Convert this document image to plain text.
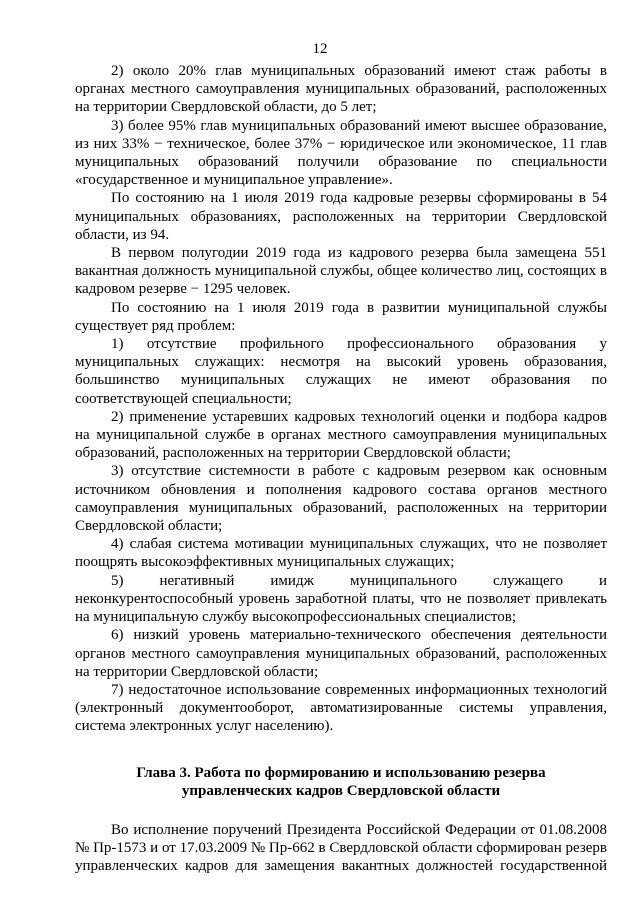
12

2) около 20% глав муниципальных образований имеют стаж работы в органах местного самоуправления муниципальных образований, расположенных на территории Свердловской области, до 5 лет;

3) более 95% глав муниципальных образований имеют высшее образование, из них 33% − техническое, более 37% − юридическое или экономическое, 11 глав муниципальных образований получили образование по специальности «государственное и муниципальное управление».

По состоянию на 1 июля 2019 года кадровые резервы сформированы в 54 муниципальных образованиях, расположенных на территории Свердловской области, из 94.

В первом полугодии 2019 года из кадрового резерва была замещена 551 вакантная должность муниципальной службы, общее количество лиц, состоящих в кадровом резерве − 1295 человек.

По состоянию на 1 июля 2019 года в развитии муниципальной службы существует ряд проблем:

1) отсутствие профильного профессионального образования у муниципальных служащих: несмотря на высокий уровень образования, большинство муниципальных служащих не имеют образования по соответствующей специальности;

2) применение устаревших кадровых технологий оценки и подбора кадров на муниципальной службе в органах местного самоуправления муниципальных образований, расположенных на территории Свердловской области;

3) отсутствие системности в работе с кадровым резервом как основным источником обновления и пополнения кадрового состава органов местного самоуправления муниципальных образований, расположенных на территории Свердловской области;

4) слабая система мотивации муниципальных служащих, что не позволяет поощрять высокоэффективных муниципальных служащих;

5) негативный имидж муниципального служащего и неконкурентоспособный уровень заработной платы, что не позволяет привлекать на муниципальную службу высокопрофессиональных специалистов;

6) низкий уровень материально-технического обеспечения деятельности органов местного самоуправления муниципальных образований, расположенных на территории Свердловской области;

7) недостаточное использование современных информационных технологий (электронный документооборот, автоматизированные системы управления, система электронных услуг населению).

Глава 3. Работа по формированию и использованию резерва
управленческих кадров Свердловской области

Во исполнение поручений Президента Российской Федерации от 01.08.2008 № Пр-1573 и от 17.03.2009 № Пр-662 в Свердловской области сформирован резерв управленческих кадров для замещения вакантных должностей государственной
